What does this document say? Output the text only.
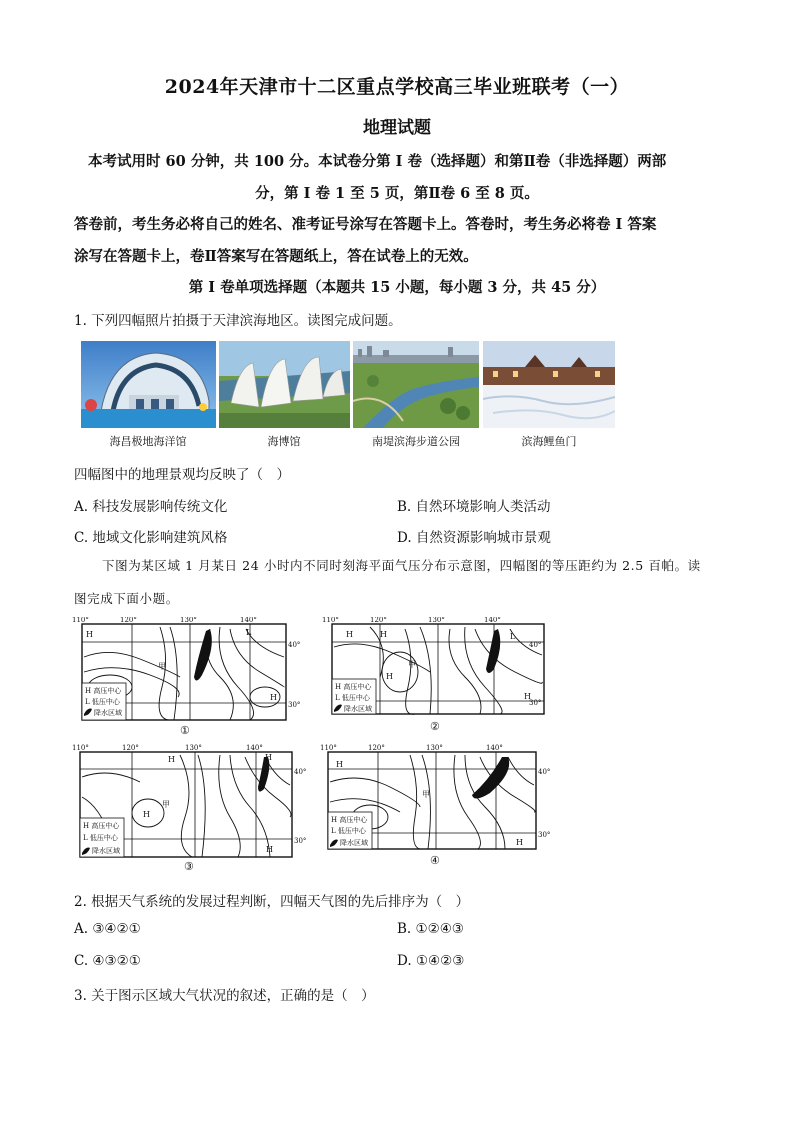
2024年天津市十二区重点学校高三毕业班联考（一）
地理试题
本考试用时 60 分钟，共 100 分。本试卷分第 I 卷（选择题）和第Ⅱ卷（非选择题）两部
分，第 I 卷 1 至 5 页，第Ⅱ卷 6 至 8 页。
答卷前，考生务必将自己的姓名、准考证号涂写在答题卡上。答卷时，考生务必将卷 I 答案
涂写在答题卡上，卷Ⅱ答案写在答题纸上，答在试卷上的无效。
第 I 卷单项选择题（本题共 15 小题，每小题 3 分，共 45 分）
1. 下列四幅照片拍摄于天津滨海地区。读图完成问题。
海昌极地海洋馆	海博馆	南堤滨海步道公园	滨海鲤鱼门
四幅图中的地理景观均反映了（　）
A. 科技发展影响传统文化	B. 自然环境影响人类活动
C. 地域文化影响建筑风格	D. 自然资源影响城市景观
下图为某区域 1 月某日 24 小时内不同时刻海平面气压分布示意图，四幅图的等压距约为 2.5 百帕。读
图完成下面小题。
H	L
甲
H
H 高压中心
L 低压中心
降水区域
110°	120°	130°	140°
40°
30°
①
H	H	L
甲
H
H
H 高压中心
L 低压中心
降水区域
110°	120°	130°	140°
40°
30°
②
H	H
H
甲
H
H 高压中心
L 低压中心
降水区域
110°	120°	130°	140°
40°
30°
③
H
甲
H
H 高压中心
L 低压中心
降水区域
110°	120°	130°	140°
40°
30°
④
2. 根据天气系统的发展过程判断，四幅天气图的先后排序为（　）
A. ③④②①	B. ①②④③
C. ④③②①	D. ①④②③
3. 关于图示区域大气状况的叙述，正确的是（　）
